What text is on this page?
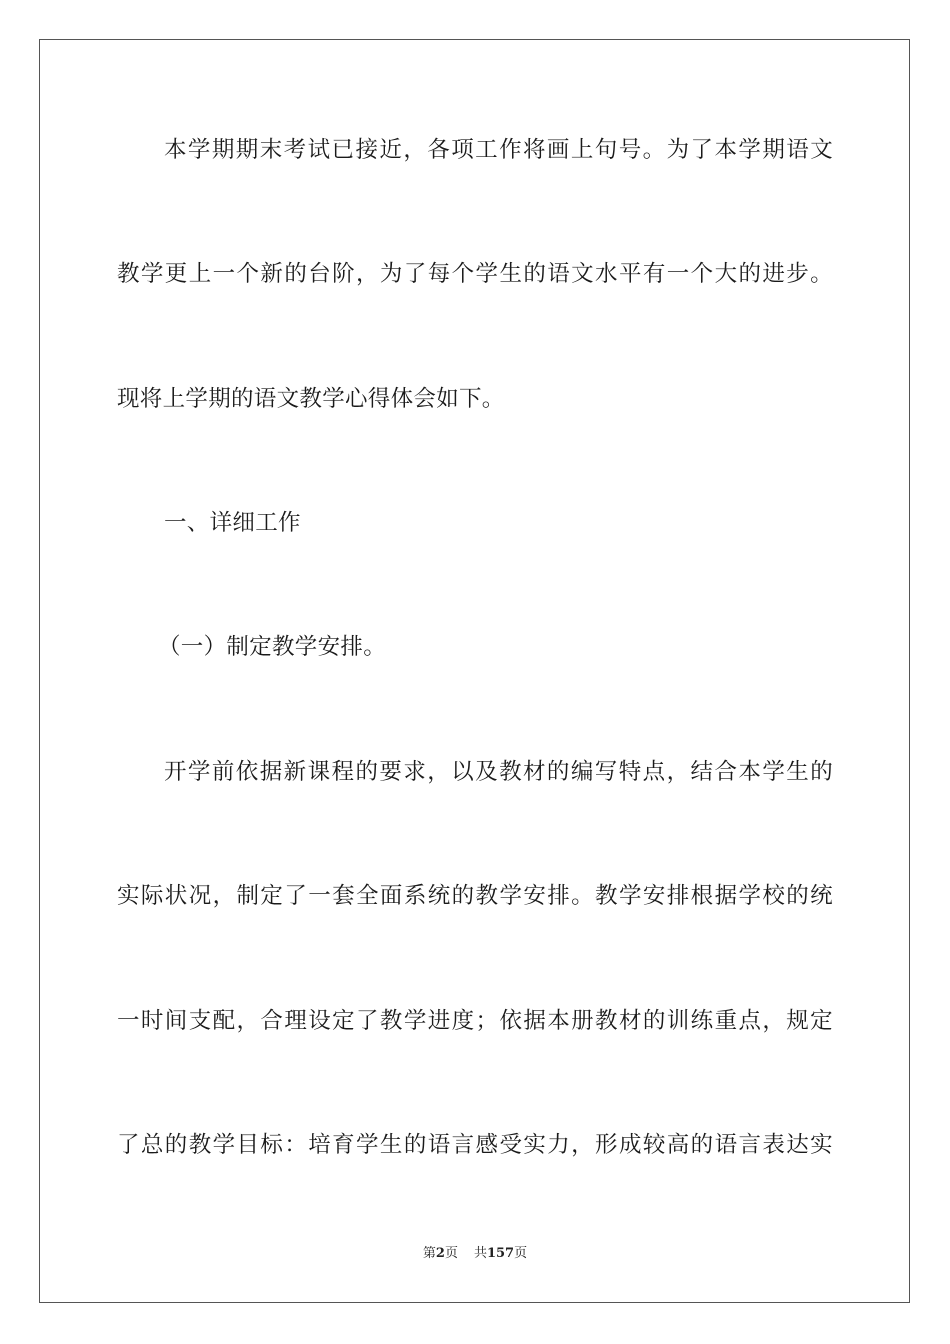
本学期期末考试已接近，各项工作将画上句号。为了本学期语文
教学更上一个新的台阶，为了每个学生的语文水平有一个大的进步。
现将上学期的语文教学心得体会如下。
一、详细工作
（一）制定教学安排。
开学前依据新课程的要求，以及教材的编写特点，结合本学生的
实际状况，制定了一套全面系统的教学安排。教学安排根据学校的统
一时间支配，合理设定了教学进度；依据本册教材的训练重点，规定
了总的教学目标：培育学生的语言感受实力，形成较高的语言表达实
第2页 共157页
